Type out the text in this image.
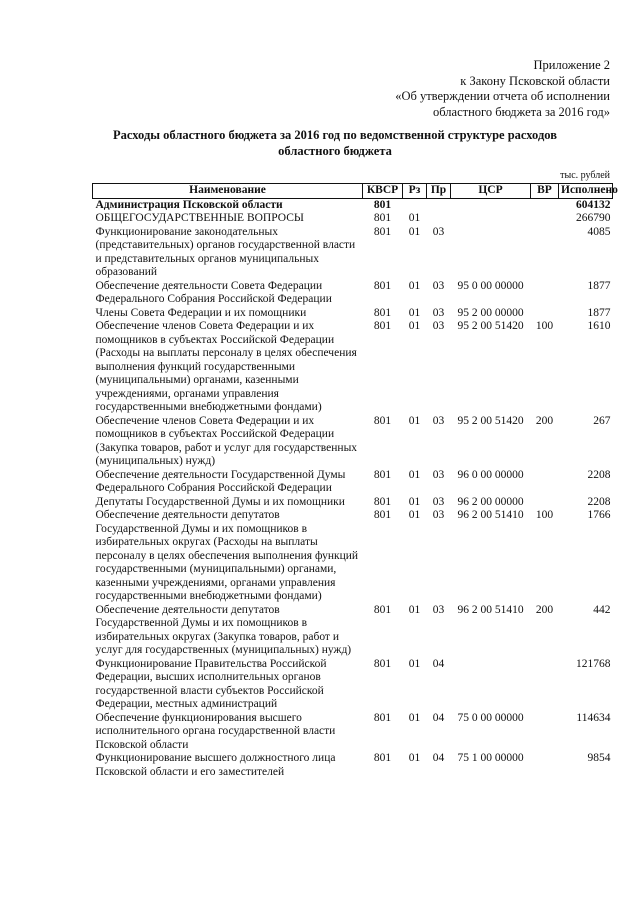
Приложение 2
к Закону Псковской области
«Об утверждении отчета об исполнении
областного бюджета за 2016 год»
Расходы областного бюджета за 2016 год по ведомственной структуре расходов
областного бюджета
тыс. рублей
Наименование	КВСР	Рз	Пр	ЦСР	ВР	Исполнено
Администрация Псковской области	801					604132
ОБЩЕГОСУДАРСТВЕННЫЕ ВОПРОСЫ	801	01				266790
Функционирование законодательных (представительных) органов государственной власти и представительных органов муниципальных образований	801	01	03			4085
Обеспечение деятельности Совета Федерации Федерального Собрания Российской Федерации	801	01	03	95 0 00 00000		1877
Члены Совета Федерации и их помощники	801	01	03	95 2 00 00000		1877
Обеспечение членов Совета Федерации и их помощников в субъектах Российской Федерации (Расходы на выплаты персоналу в целях обеспечения выполнения функций государственными (муниципальными) органами, казенными учреждениями, органами управления государственными внебюджетными фондами)	801	01	03	95 2 00 51420	100	1610
Обеспечение членов Совета Федерации и их помощников в субъектах Российской Федерации (Закупка товаров, работ и услуг для государственных (муниципальных) нужд)	801	01	03	95 2 00 51420	200	267
Обеспечение деятельности Государственной Думы Федерального Собрания Российской Федерации	801	01	03	96 0 00 00000		2208
Депутаты Государственной Думы и их помощники	801	01	03	96 2 00 00000		2208
Обеспечение деятельности депутатов Государственной Думы и их помощников в избирательных округах (Расходы на выплаты персоналу в целях обеспечения выполнения функций государственными (муниципальными) органами, казенными учреждениями, органами управления государственными внебюджетными фондами)	801	01	03	96 2 00 51410	100	1766
Обеспечение деятельности депутатов Государственной Думы и их помощников в избирательных округах (Закупка товаров, работ и услуг для государственных (муниципальных) нужд)	801	01	03	96 2 00 51410	200	442
Функционирование Правительства Российской Федерации, высших исполнительных органов государственной власти субъектов Российской Федерации, местных администраций	801	01	04			121768
Обеспечение функционирования высшего исполнительного органа государственной власти Псковской области	801	01	04	75 0 00 00000		114634
Функционирование высшего должностного лица Псковской области и его заместителей	801	01	04	75 1 00 00000		9854
